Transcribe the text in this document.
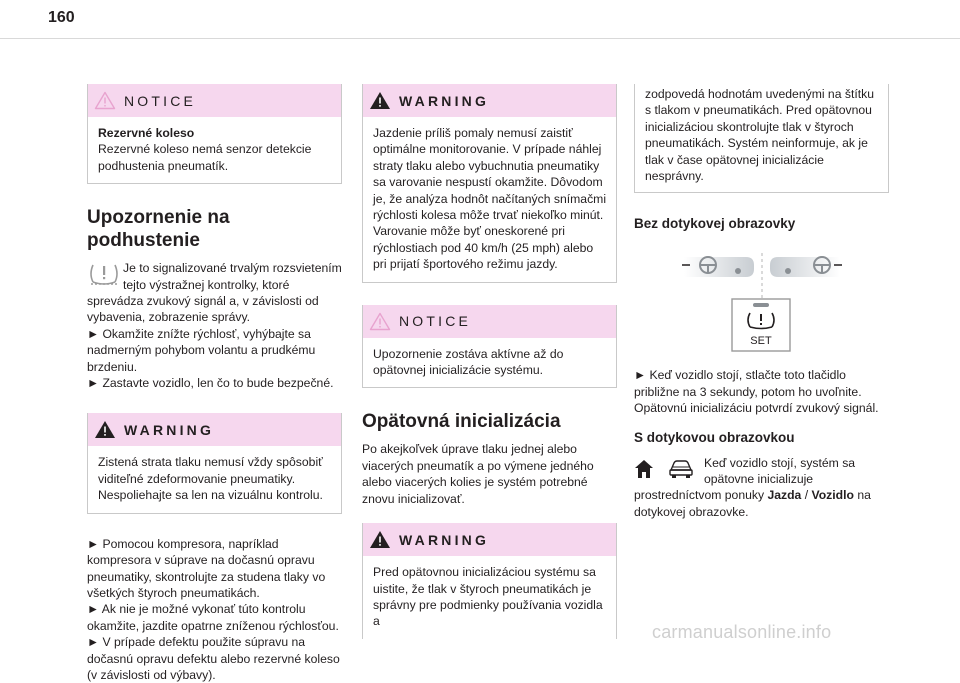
160
NOTICE
Rezervné koleso
Rezervné koleso nemá senzor detekcie podhustenia pneumatík.
Upozornenie na podhustenie
Je to signalizované trvalým rozsvietením tejto výstražnej kontrolky, ktoré sprevádza zvukový signál a, v závislosti od vybavenia, zobrazenie správy.
► Okamžite znížte rýchlosť, vyhýbajte sa nadmerným pohybom volantu a prudkému brzdeniu.
► Zastavte vozidlo, len čo to bude bezpečné.
WARNING
Zistená strata tlaku nemusí vždy spôsobiť viditeľné zdeformovanie pneumatiky. Nespoliehajte sa len na vizuálnu kontrolu.
► Pomocou kompresora, napríklad kompresora v súprave na dočasnú opravu pneumatiky, skontrolujte za studena tlaky vo všetkých štyroch pneumatikách.
► Ak nie je možné vykonať túto kontrolu okamžite, jazdite opatrne zníženou rýchlosťou.
► V prípade defektu použite súpravu na dočasnú opravu defektu alebo rezervné koleso (v závislosti od výbavy).
WARNING
Jazdenie príliš pomaly nemusí zaistiť optimálne monitorovanie. V prípade náhlej straty tlaku alebo vybuchnutia pneumatiky sa varovanie nespustí okamžite. Dôvodom je, že analýza hodnôt načítaných snímačmi rýchlosti kolesa môže trvať niekoľko minút. Varovanie môže byť oneskorené pri rýchlostiach pod 40 km/h (25 mph) alebo pri prijatí športového režimu jazdy.
NOTICE
Upozornenie zostáva aktívne až do opätovnej inicializácie systému.
Opätovná inicializácia
Po akejkoľvek úprave tlaku jednej alebo viacerých pneumatík a po výmene jedného alebo viacerých kolies je systém potrebné znovu inicializovať.
WARNING
Pred opätovnou inicializáciou systému sa uistite, že tlak v štyroch pneumatikách je správny pre podmienky používania vozidla a
zodpovedá hodnotám uvedenými na štítku s tlakom v pneumatikách. Pred opätovnou inicializáciou skontrolujte tlak v štyroch pneumatikách. Systém neinformuje, ak je tlak v čase opätovnej inicializácie nesprávny.
Bez dotykovej obrazovky
SET
► Keď vozidlo stojí, stlačte toto tlačidlo približne na 3 sekundy, potom ho uvoľnite. Opätovnú inicializáciu potvrdí zvukový signál.
S dotykovou obrazovkou
Keď vozidlo stojí, systém sa opätovne inicializuje prostredníctvom ponuky Jazda / Vozidlo na dotykovej obrazovke.
carmanualsonline.info
